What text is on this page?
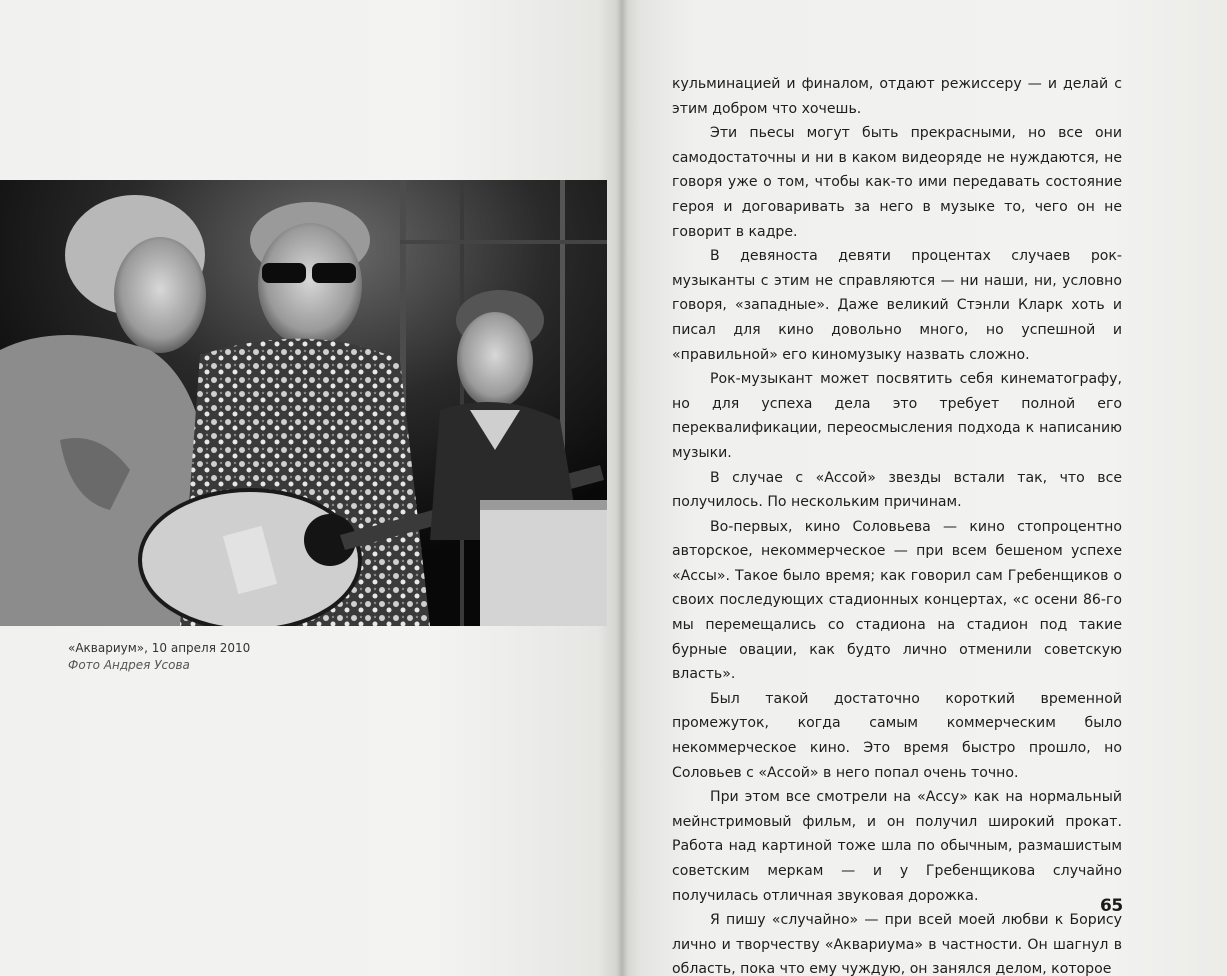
«Аквариум», 10 апреля 2010
Фото Андрея Усова

кульминацией и финалом, отдают режиссеру — и делай с этим добром что хочешь.

Эти пьесы могут быть прекрасными, но все они самодостаточны и ни в каком видеоряде не нуждаются, не говоря уже о том, чтобы как-то ими передавать состояние героя и договаривать за него в музыке то, чего он не говорит в кадре.

В девяноста девяти процентах случаев рок-музыканты с этим не справляются — ни наши, ни, условно говоря, «западные». Даже великий Стэнли Кларк хоть и писал для кино довольно много, но успешной и «правильной» его киномузыку назвать сложно.

Рок-музыкант может посвятить себя кинематографу, но для успеха дела это требует полной его переквалификации, переосмысления подхода к написанию музыки.

В случае с «Ассой» звезды встали так, что все получилось. По нескольким причинам.

Во-первых, кино Соловьева — кино стопроцентно авторское, некоммерческое — при всем бешеном успехе «Ассы». Такое было время; как говорил сам Гребенщиков о своих последующих стадионных концертах, «с осени 86-го мы перемещались со стадиона на стадион под такие бурные овации, как будто лично отменили советскую власть».

Был такой достаточно короткий временной промежуток, когда самым коммерческим было некоммерческое кино. Это время быстро прошло, но Соловьев с «Ассой» в него попал очень точно.

При этом все смотрели на «Ассу» как на нормальный мейнстримовый фильм, и он получил широкий прокат. Работа над картиной тоже шла по обычным, размашистым советским меркам — и у Гребенщикова случайно получилась отличная звуковая дорожка.

Я пишу «случайно» — при всей моей любви к Борису лично и творчеству «Аквариума» в частности. Он шагнул в область, пока что ему чуждую, он занялся делом, которое

65
